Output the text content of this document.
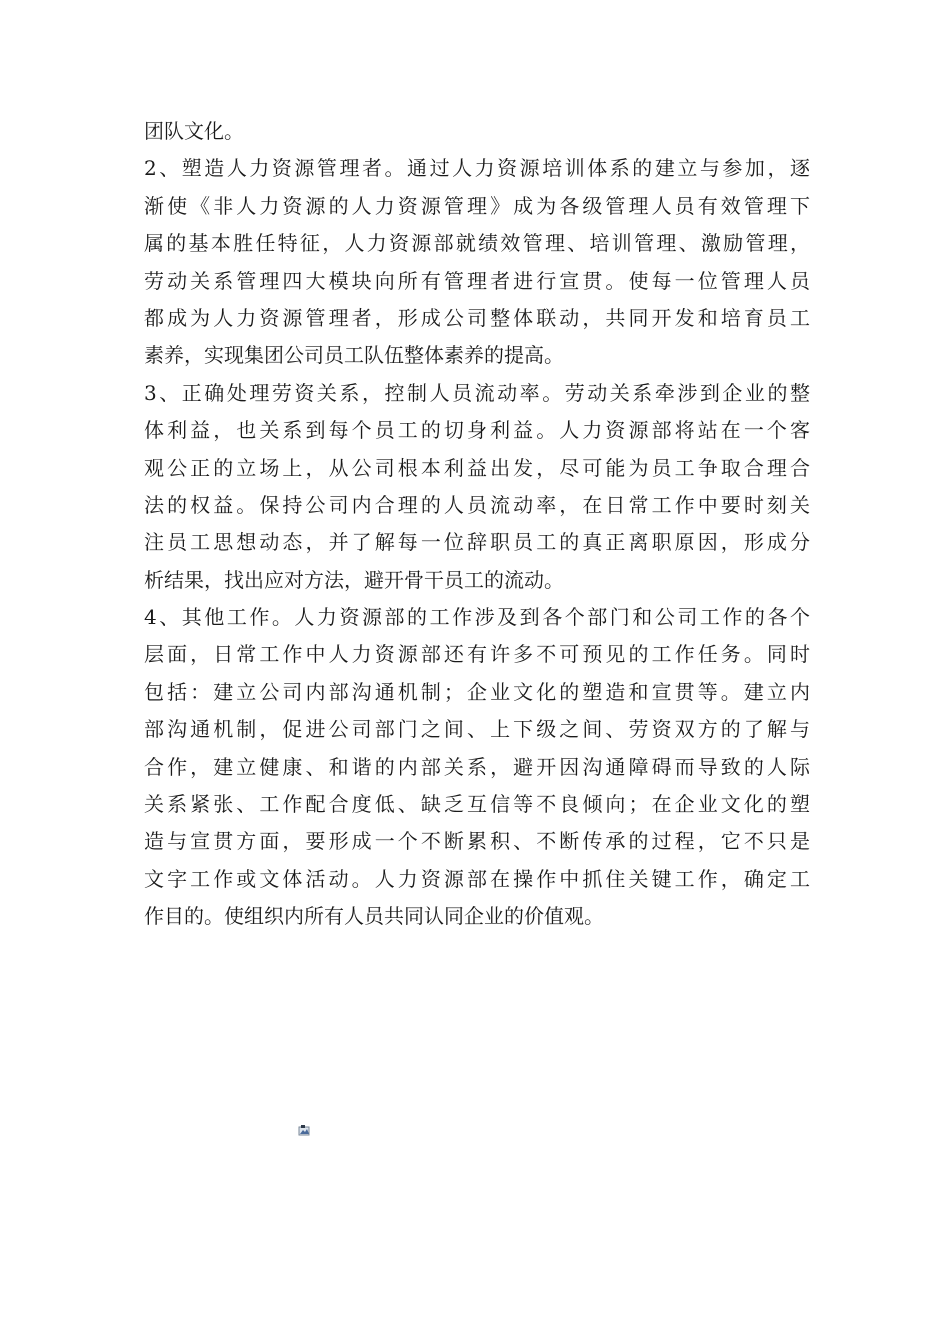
团队文化。
2、塑造人力资源管理者。通过人力资源培训体系的建立与参加，逐
渐使《非人力资源的人力资源管理》成为各级管理人员有效管理下
属的基本胜任特征，人力资源部就绩效管理、培训管理、激励管理，
劳动关系管理四大模块向所有管理者进行宣贯。使每一位管理人员
都成为人力资源管理者，形成公司整体联动，共同开发和培育员工
素养，实现集团公司员工队伍整体素养的提高。
3、正确处理劳资关系，控制人员流动率。劳动关系牵涉到企业的整
体利益，也关系到每个员工的切身利益。人力资源部将站在一个客
观公正的立场上，从公司根本利益出发，尽可能为员工争取合理合
法的权益。保持公司内合理的人员流动率，在日常工作中要时刻关
注员工思想动态，并了解每一位辞职员工的真正离职原因，形成分
析结果，找出应对方法，避开骨干员工的流动。
4、其他工作。人力资源部的工作涉及到各个部门和公司工作的各个
层面，日常工作中人力资源部还有许多不可预见的工作任务。同时
包括：建立公司内部沟通机制；企业文化的塑造和宣贯等。建立内
部沟通机制，促进公司部门之间、上下级之间、劳资双方的了解与
合作，建立健康、和谐的内部关系，避开因沟通障碍而导致的人际
关系紧张、工作配合度低、缺乏互信等不良倾向；在企业文化的塑
造与宣贯方面，要形成一个不断累积、不断传承的过程，它不只是
文字工作或文体活动。人力资源部在操作中抓住关键工作，确定工
作目的。使组织内所有人员共同认同企业的价值观。
